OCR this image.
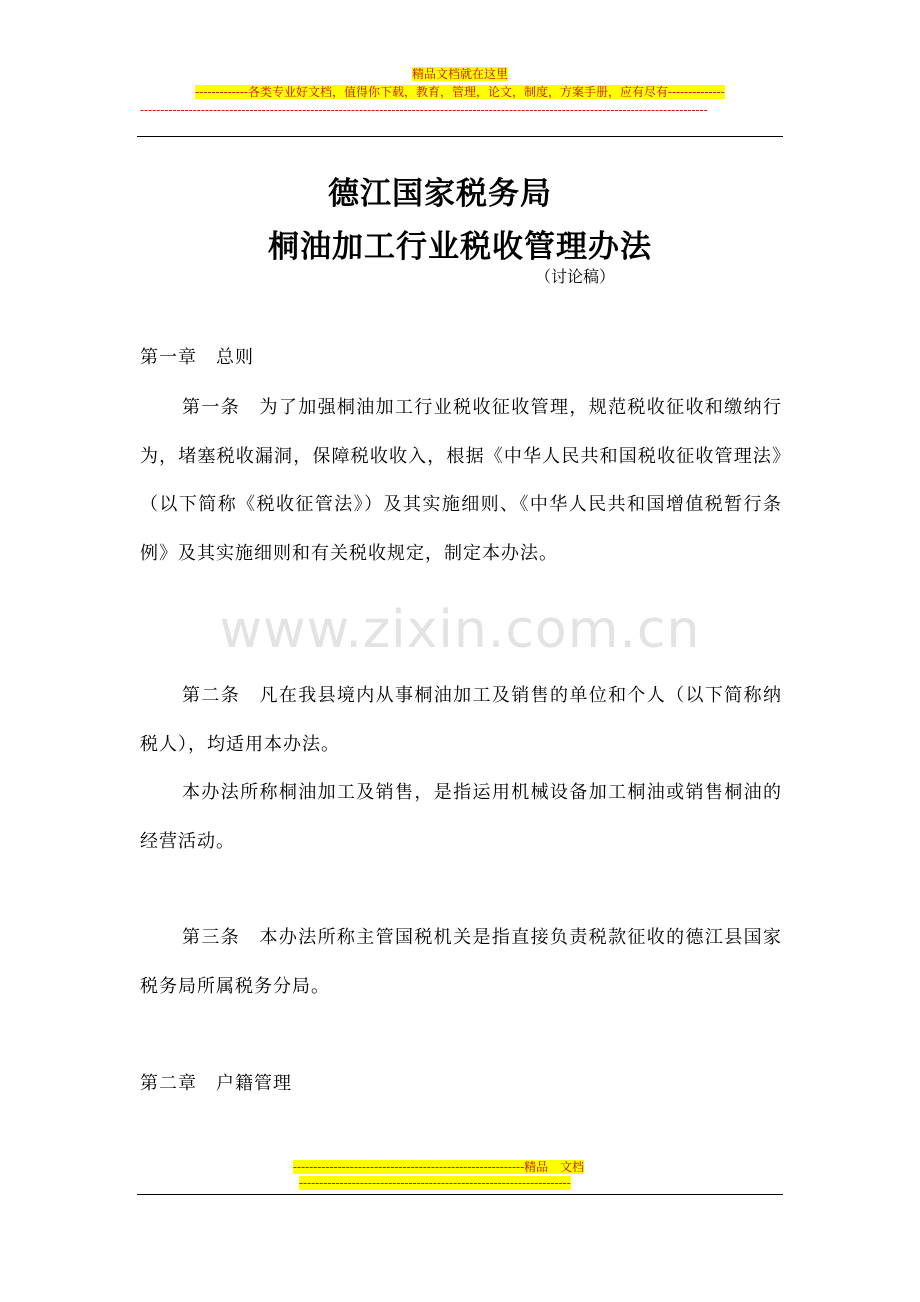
精品文档就在这里
-------------各类专业好文档，值得你下载，教育，管理，论文，制度，方案手册，应有尽有--------------
--------------------------------------------------------------------------------------------------------------------------------------------
德江国家税务局
桐油加工行业税收管理办法
（讨论稿）
第一章　总则
第一条　为了加强桐油加工行业税收征收管理，规范税收征收和缴纳行为，堵塞税收漏洞，保障税收收入，根据《中华人民共和国税收征收管理法》（以下简称《税收征管法》）及其实施细则、《中华人民共和国增值税暂行条例》及其实施细则和有关税收规定，制定本办法。
www.zixin.com.cn
第二条　凡在我县境内从事桐油加工及销售的单位和个人（以下简称纳税人），均适用本办法。
本办法所称桐油加工及销售，是指运用机械设备加工桐油或销售桐油的经营活动。
第三条　本办法所称主管国税机关是指直接负责税款征收的德江县国家税务局所属税务分局。
第二章　户籍管理
---------------------------------------------------------精品　文档
-------------------------------------------------------------------
